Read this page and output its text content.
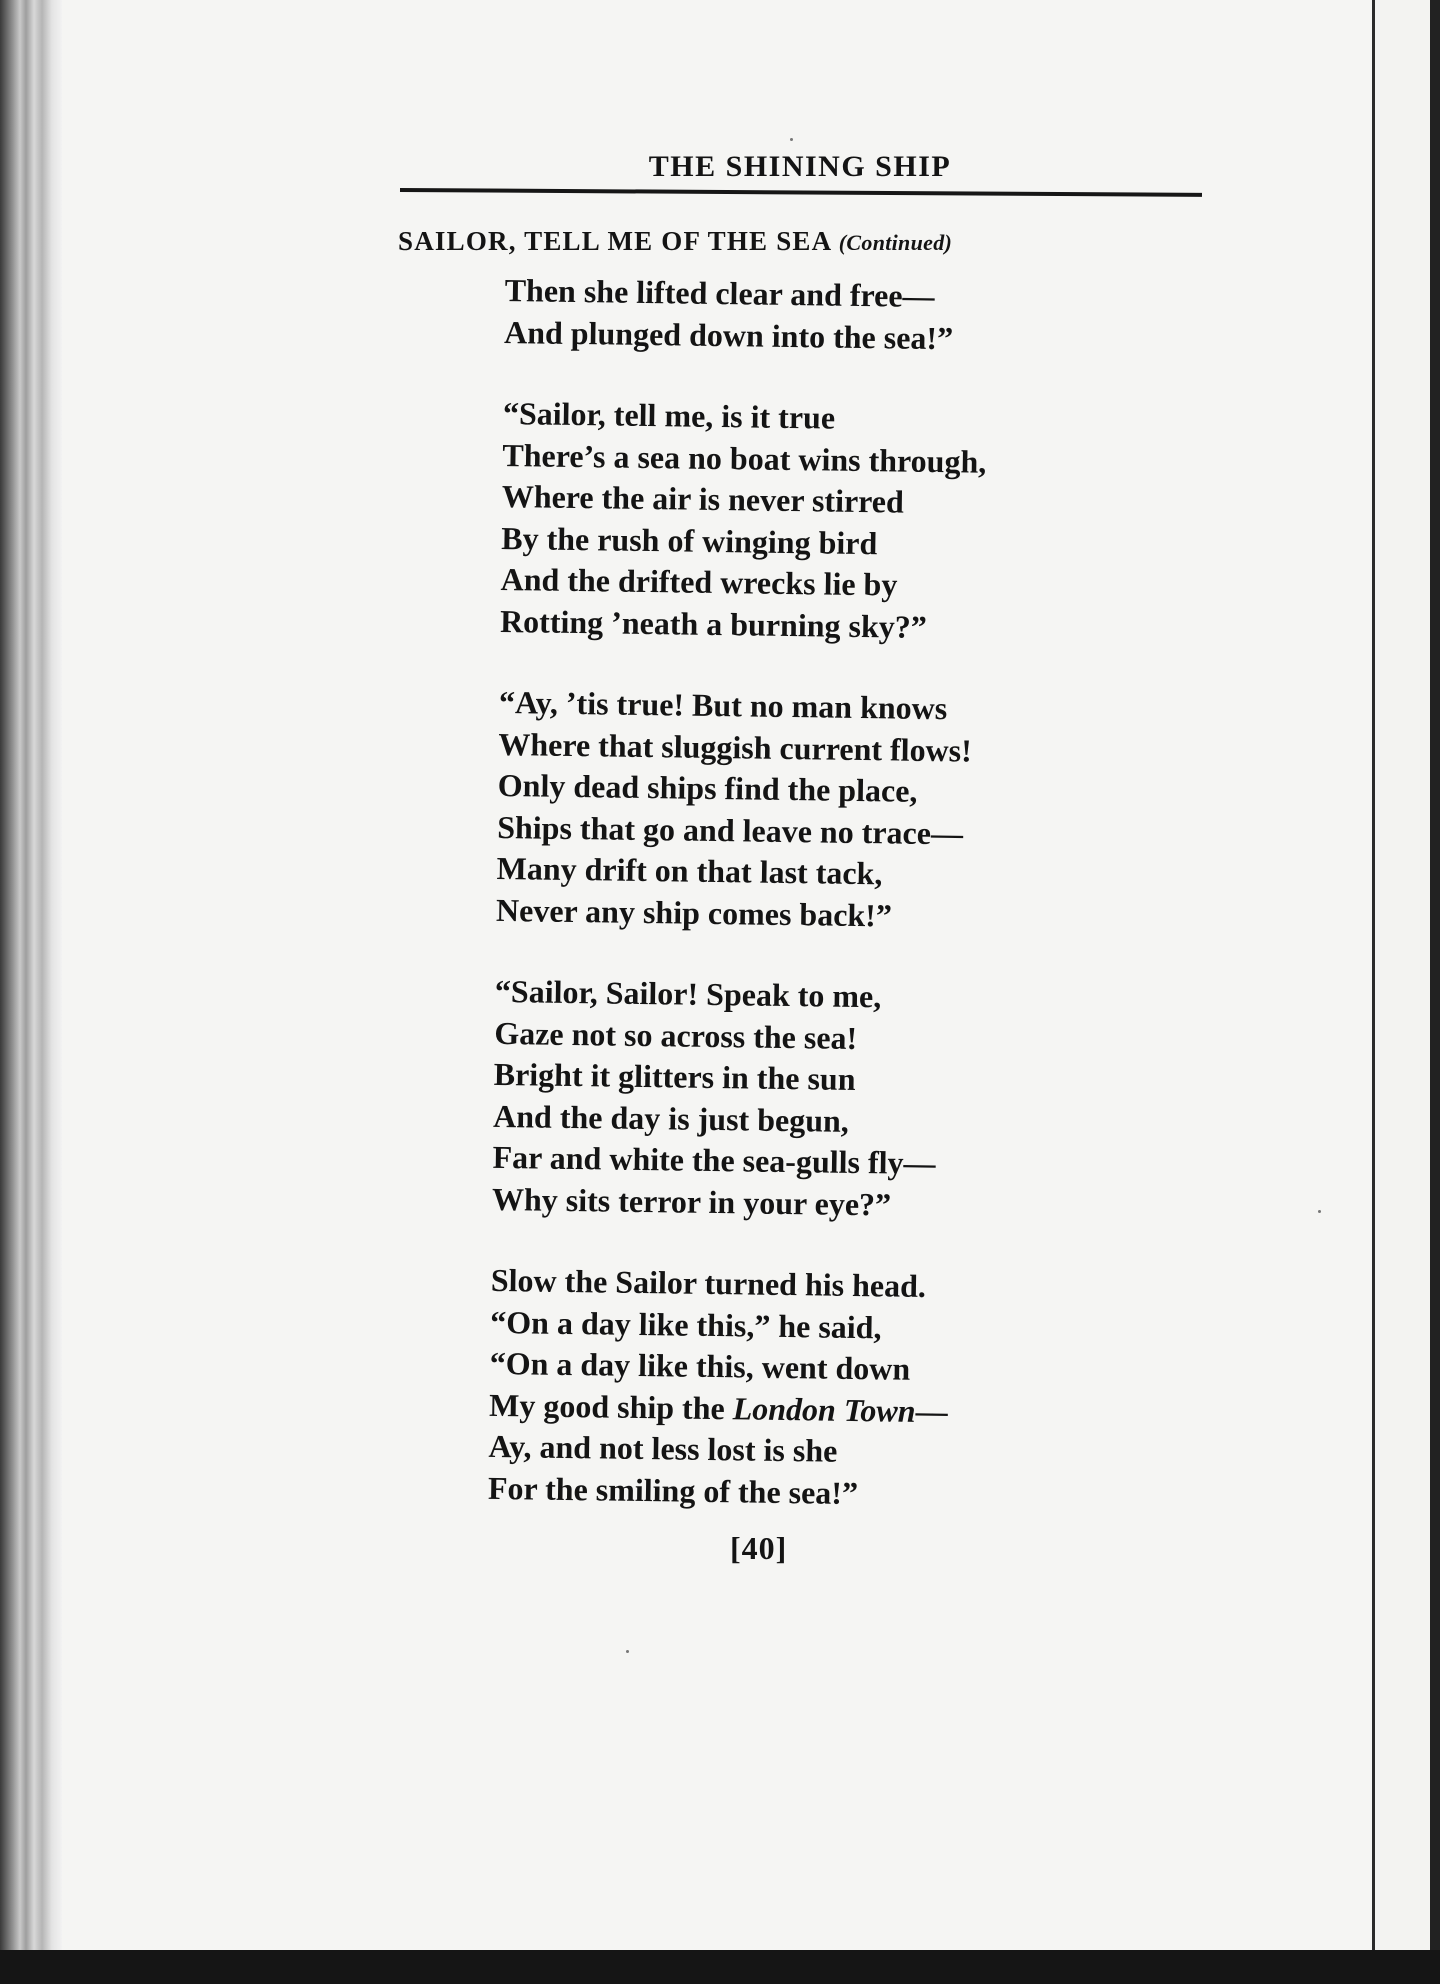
THE SHINING SHIP
SAILOR, TELL ME OF THE SEA (Continued)
Then she lifted clear and free—
And plunged down into the sea!”
“Sailor, tell me, is it true
There’s a sea no boat wins through,
Where the air is never stirred
By the rush of winging bird
And the drifted wrecks lie by
Rotting ’neath a burning sky?”
“Ay, ’tis true! But no man knows
Where that sluggish current flows!
Only dead ships find the place,
Ships that go and leave no trace—
Many drift on that last tack,
Never any ship comes back!”
“Sailor, Sailor! Speak to me,
Gaze not so across the sea!
Bright it glitters in the sun
And the day is just begun,
Far and white the sea-gulls fly—
Why sits terror in your eye?”
Slow the Sailor turned his head.
“On a day like this,” he said,
“On a day like this, went down
My good ship the London Town—
Ay, and not less lost is she
For the smiling of the sea!”
[40]
